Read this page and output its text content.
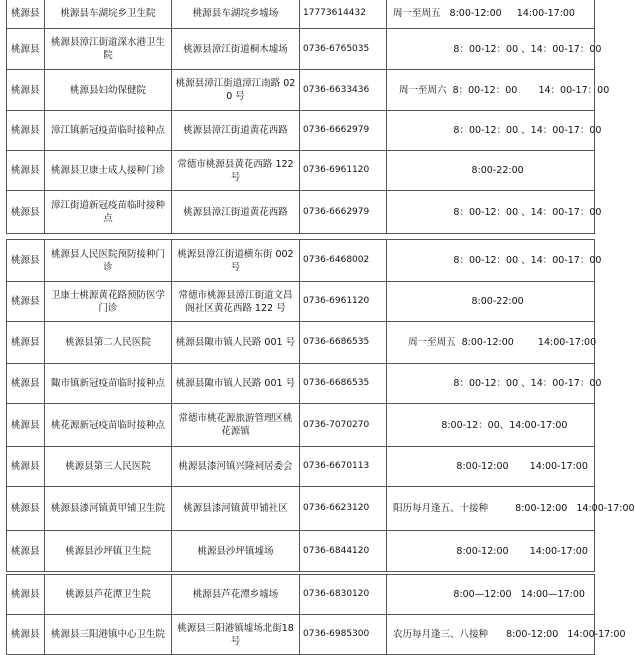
桃源县	桃源县车湖垸乡卫生院	桃源县车湖垸乡墟场	17773614432	周一至周五   8:00-12:00     14:00-17:00
桃源县	桃源县漳江街道深水港卫生院	桃源县漳江街道桐木墟场	0736-6765035	8：00-12：00 、14：00-17：00
桃源县	桃源县妇幼保健院	桃源县漳江街道漳江南路 020 号	0736-6633436	周一至周六  8：00-12：00       14：00-17：00
桃源县	漳江镇新冠疫苗临时接种点	桃源县漳江街道黄花西路	0736-6662979	8：00-12：00 、14：00-17：00
桃源县	桃源县卫康士成人接种门诊	常德市桃源县黄花西路 122 号	0736-6961120	8:00-22:00
桃源县	漳江街道新冠疫苗临时接种点	桃源县漳江街道黄花西路	0736-6662979	8：00-12：00 、14：00-17：00
桃源县	桃源县人民医院预防接种门诊	桃源县漳江街道横东街 002 号	0736-6468002	8：00-12：00 、14：00-17：00
桃源县	卫康士桃源黄花路预防医学门诊	常德市桃源县漳江街道文昌阁社区黄花西路 122 号	0736-6961120	8:00-22:00
桃源县	桃源县第二人民医院	桃源县陬市镇人民路 001 号	0736-6686535	周一至周五  8:00-12:00        14:00-17:00
桃源县	陬市镇新冠疫苗临时接种点	桃源县陬市镇人民路 001 号	0736-6686535	8：00-12：00 、14：00-17：00
桃源县	桃花源新冠疫苗临时接种点	常德市桃花源旅游管理区桃花源镇	0736-7070270	8:00-12：00、14:00-17:00
桃源县	桃源县第三人民医院	桃源县漆河镇兴隆祠居委会	0736-6670113	8:00-12:00       14:00-17:00
桃源县	桃源县漆河镇黄甲铺卫生院	桃源县漆河镇黄甲铺社区	0736-6623120	阳历每月逢五、十接种         8:00-12:00   14:00-17:00
桃源县	桃源县沙坪镇卫生院	桃源县沙坪镇墟场	0736-6844120	8:00-12:00       14:00-17:00
桃源县	桃源县芦花潭卫生院	桃源县芦花潭乡墟场	0736-6830120	8:00—12:00   14:00—17:00
桃源县	桃源县三阳港镇中心卫生院	桃源县三阳港镇墟场北街18号	0736-6985300	农历每月逢三、八接种      8:00-12:00   14:00-17:00
